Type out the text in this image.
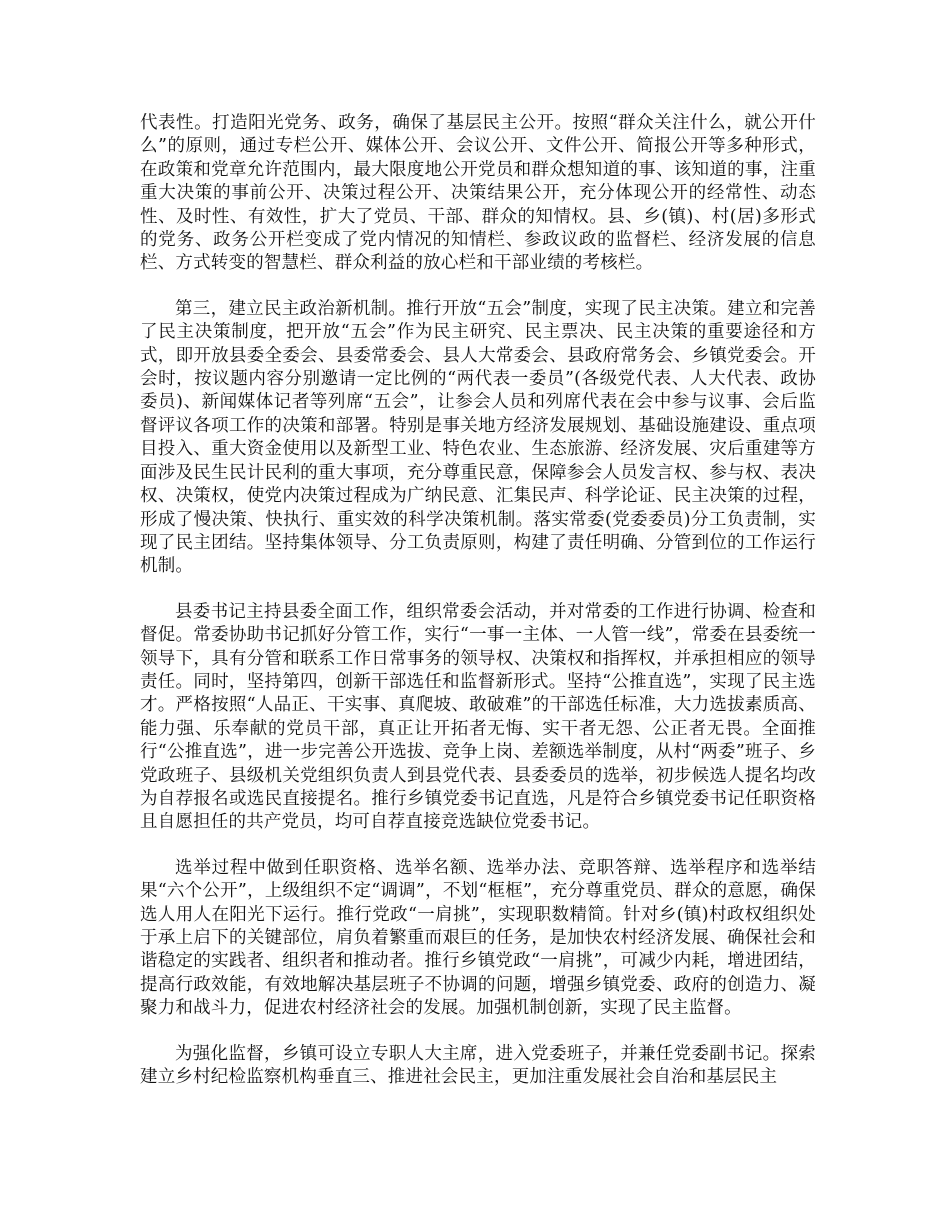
代表性。打造阳光党务、政务，确保了基层民主公开。按照“群众关注什么，就公开什么”的原则，通过专栏公开、媒体公开、会议公开、文件公开、简报公开等多种形式，在政策和党章允许范围内，最大限度地公开党员和群众想知道的事、该知道的事，注重重大决策的事前公开、决策过程公开、决策结果公开，充分体现公开的经常性、动态性、及时性、有效性，扩大了党员、干部、群众的知情权。县、乡(镇)、村(居)多形式的党务、政务公开栏变成了党内情况的知情栏、参政议政的监督栏、经济发展的信息栏、方式转变的智慧栏、群众利益的放心栏和干部业绩的考核栏。

第三，建立民主政治新机制。推行开放“五会”制度，实现了民主决策。建立和完善了民主决策制度，把开放“五会”作为民主研究、民主票决、民主决策的重要途径和方式，即开放县委全委会、县委常委会、县人大常委会、县政府常务会、乡镇党委会。开会时，按议题内容分别邀请一定比例的“两代表一委员”(各级党代表、人大代表、政协委员)、新闻媒体记者等列席“五会”，让参会人员和列席代表在会中参与议事、会后监督评议各项工作的决策和部署。特别是事关地方经济发展规划、基础设施建设、重点项目投入、重大资金使用以及新型工业、特色农业、生态旅游、经济发展、灾后重建等方面涉及民生民计民利的重大事项，充分尊重民意，保障参会人员发言权、参与权、表决权、决策权，使党内决策过程成为广纳民意、汇集民声、科学论证、民主决策的过程，形成了慢决策、快执行、重实效的科学决策机制。落实常委(党委委员)分工负责制，实现了民主团结。坚持集体领导、分工负责原则，构建了责任明确、分管到位的工作运行机制。

县委书记主持县委全面工作，组织常委会活动，并对常委的工作进行协调、检查和督促。常委协助书记抓好分管工作，实行“一事一主体、一人管一线”，常委在县委统一领导下，具有分管和联系工作日常事务的领导权、决策权和指挥权，并承担相应的领导责任。同时，坚持第四，创新干部选任和监督新形式。坚持“公推直选”，实现了民主选才。严格按照“人品正、干实事、真爬坡、敢破难”的干部选任标准，大力选拔素质高、能力强、乐奉献的党员干部，真正让开拓者无悔、实干者无怨、公正者无畏。全面推行“公推直选”，进一步完善公开选拔、竞争上岗、差额选举制度，从村“两委”班子、乡党政班子、县级机关党组织负责人到县党代表、县委委员的选举，初步候选人提名均改为自荐报名或选民直接提名。推行乡镇党委书记直选，凡是符合乡镇党委书记任职资格且自愿担任的共产党员，均可自荐直接竞选缺位党委书记。

选举过程中做到任职资格、选举名额、选举办法、竞职答辩、选举程序和选举结果“六个公开”，上级组织不定“调调”，不划“框框”，充分尊重党员、群众的意愿，确保选人用人在阳光下运行。推行党政“一肩挑”，实现职数精简。针对乡(镇)村政权组织处于承上启下的关键部位，肩负着繁重而艰巨的任务，是加快农村经济发展、确保社会和谐稳定的实践者、组织者和推动者。推行乡镇党政“一肩挑”，可减少内耗，增进团结，提高行政效能，有效地解决基层班子不协调的问题，增强乡镇党委、政府的创造力、凝聚力和战斗力，促进农村经济社会的发展。加强机制创新，实现了民主监督。

为强化监督，乡镇可设立专职人大主席，进入党委班子，并兼任党委副书记。探索建立乡村纪检监察机构垂直三、推进社会民主，更加注重发展社会自治和基层民主
